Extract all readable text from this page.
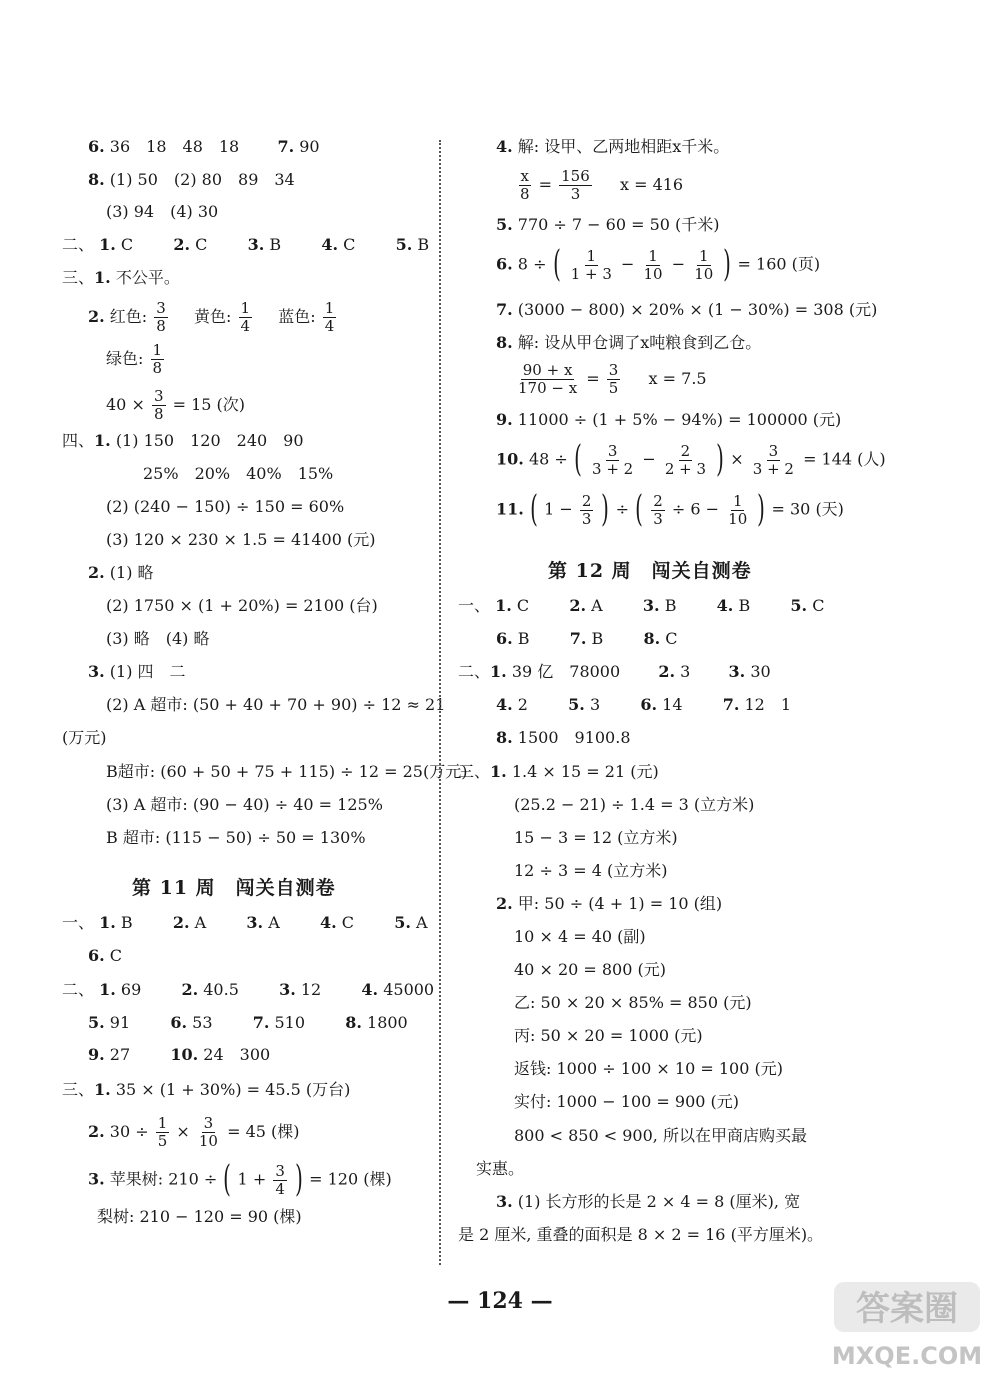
6. 36　18　48　18 7. 90
8. (1) 50　(2) 80　89　34
(3) 94　(4) 30
二、 1. C	2. C	3. B	4. C	5. B
三、1. 不公平。
2. 红色: $\frac{3}{8}$ 黄色: $\frac{1}{4}$ 蓝色: $\frac{1}{4}$
绿色: $\frac{1}{8}$
$40 \times \frac{3}{8} = 15$ (次)
四、1. (1) 150　120　240　90
25%　20%　40%　15%
(2) (240 − 150) ÷ 150 = 60%
(3) 120 × 230 × 1.5 = 41400 (元)
2. (1) 略
(2) 1750 × (1 + 20%) = 2100 (台)
(3) 略　(4) 略
3. (1) 四　二
(2) A 超市: (50 + 40 + 70 + 90) ÷ 12 ≈ 21
(万元)
B超市: (60 + 50 + 75 + 115) ÷ 12 = 25(万元)
(3) A 超市: (90 − 40) ÷ 40 = 125%
B 超市: (115 − 50) ÷ 50 = 130%
第 11 周　闯关自测卷
一、 1. B	2. A	3. A	4. C	5. A
6. C
二、 1. 69	2. 40.5	3. 12	4. 45000
5. 91	6. 53	7. 510	8. 1800
9. 27	10. 24　300
三、1. 35 × (1 + 30%) = 45.5 (万台)
2. $30 \div \frac{1}{5} \times \frac{3}{10} = 45$ (棵)
3. 苹果树: 210 ÷ ( $1 + \frac{3}{4}$ ) = 120 (棵)
梨树: 210 − 120 = 90 (棵)
4. 解: 设甲、乙两地相距x千米。
$\frac{x}{8} = \frac{156}{3}$ x = 416
5. 770 ÷ 7 − 60 = 50 (千米)
6. 8 ÷ ( $\frac{1}{1 + 3} - \frac{1}{10} - \frac{1}{10}$ ) = 160 (页)
7. (3000 − 800) × 20% × (1 − 30%) = 308 (元)
8. 解: 设从甲仓调了x吨粮食到乙仓。
$\frac{90 + x}{170 - x} = \frac{3}{5}$ x = 7.5
9. 11000 ÷ (1 + 5% − 94%) = 100000 (元)
10. 48 ÷ ( $\frac{3}{3 + 2} - \frac{2}{2 + 3}$ ) × $\frac{3}{3 + 2} = 144$ (人)
11. ( $1 - \frac{2}{3}$ ) ÷ ( $\frac{2}{3} \div 6 - \frac{1}{10}$ ) = 30 (天)
第 12 周　闯关自测卷
一、 1. C	2. A	3. B	4. B	5. C
6. B	7. B	8. C
二、1. 39 亿　78000 2. 3 3. 30
4. 2	5. 3	6. 14	7. 12　1
8. 1500　9100.8
三、1. 1.4 × 15 = 21 (元)
(25.2 − 21) ÷ 1.4 = 3 (立方米)
15 − 3 = 12 (立方米)
12 ÷ 3 = 4 (立方米)
2. 甲: 50 ÷ (4 + 1) = 10 (组)
10 × 4 = 40 (副)
40 × 20 = 800 (元)
乙: 50 × 20 × 85% = 850 (元)
丙: 50 × 20 = 1000 (元)
返钱: 1000 ÷ 100 × 10 = 100 (元)
实付: 1000 − 100 = 900 (元)
800 < 850 < 900, 所以在甲商店购买最
实惠。
3. (1) 长方形的长是 2 × 4 = 8 (厘米), 宽
是 2 厘米, 重叠的面积是 8 × 2 = 16 (平方厘米)。
— 124 —	答案圈
MXQE.COM
